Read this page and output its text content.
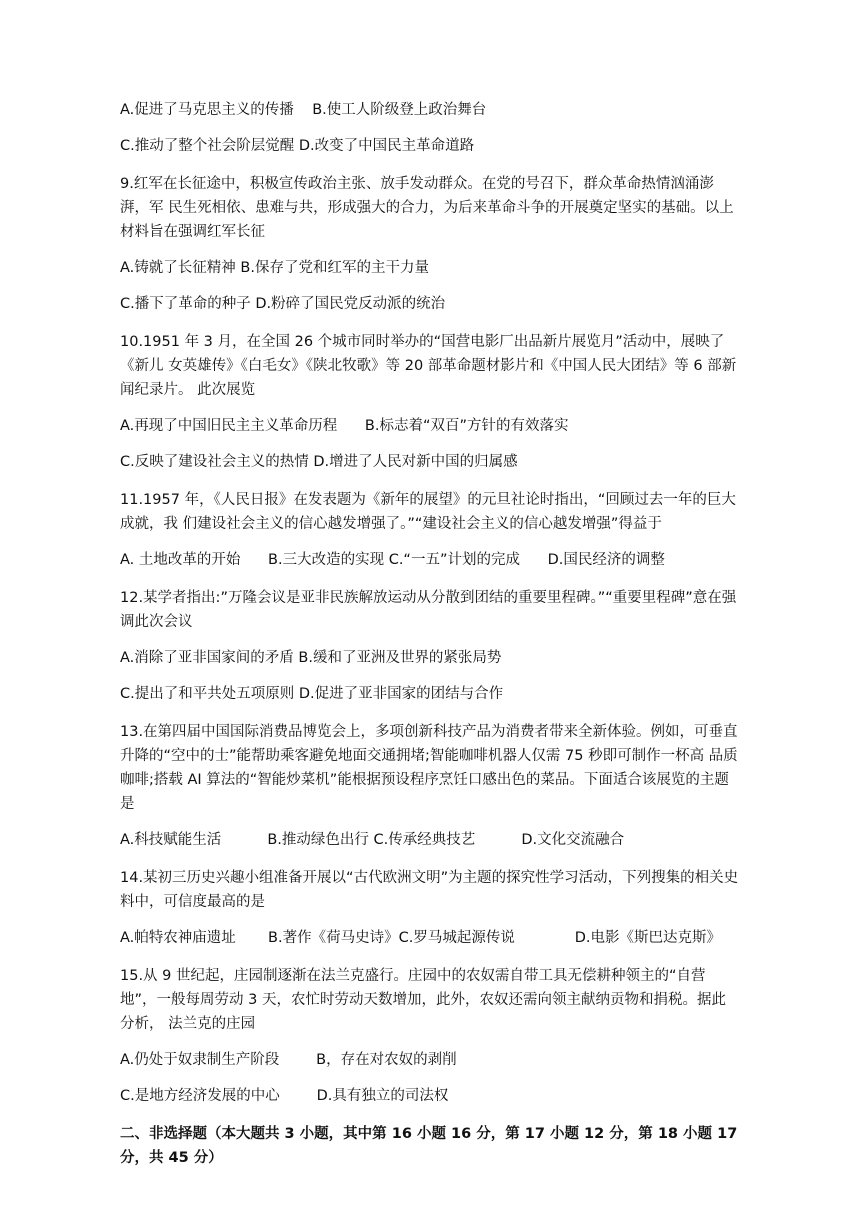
A.促进了马克思主义的传播    B.使工人阶级登上政治舞台

C.推动了整个社会阶层觉醒 D.改变了中国民主革命道路

9.红军在长征途中，积极宣传政治主张、放手发动群众。在党的号召下，群众革命热情汹涌澎湃，军 民生死相依、患难与共，形成强大的合力，为后来革命斗争的开展奠定坚实的基础。以上材料旨在强调红军长征

A.铸就了长征精神 B.保存了党和红军的主干力量

C.播下了革命的种子 D.粉碎了国民党反动派的统治

10.1951 年 3 月，在全国 26 个城市同时举办的“国营电影厂出品新片展览月”活动中，展映了《新儿 女英雄传》《白毛女》《陕北牧歌》等 20 部革命题材影片和《中国人民大团结》等 6 部新闻纪录片。 此次展览

A.再现了中国旧民主主义革命历程      B.标志着“双百”方针的有效落实

C.反映了建设社会主义的热情 D.增进了人民对新中国的归属感

11.1957 年，《人民日报》在发表题为《新年的展望》的元旦社论时指出，“回顾过去一年的巨大成就，我 们建设社会主义的信心越发增强了。”“建设社会主义的信心越发增强”得益于

A. 土地改革的开始      B.三大改造的实现 C.“一五”计划的完成      D.国民经济的调整

12.某学者指出:”万隆会议是亚非民族解放运动从分散到团结的重要里程碑。”“重要里程碑”意在强调此次会议

A.消除了亚非国家间的矛盾 B.缓和了亚洲及世界的紧张局势

C.提出了和平共处五项原则 D.促进了亚非国家的团结与合作

13.在第四届中国国际消费品博览会上，多项创新科技产品为消费者带来全新体验。例如，可垂直 升降的“空中的士”能帮助乘客避免地面交通拥堵;智能咖啡机器人仅需 75 秒即可制作一杯高 品质咖啡;搭载 AI 算法的“智能炒菜机”能根据预设程序烹饪口感出色的菜品。下面适合该展览的主题是

A.科技赋能生活          B.推动绿色出行 C.传承经典技艺          D.文化交流融合

14.某初三历史兴趣小组准备开展以“古代欧洲文明”为主题的探究性学习活动，下列搜集的相关史 料中，可信度最高的是

A.帕特农神庙遗址       B.著作《荷马史诗》C.罗马城起源传说             D.电影《斯巴达克斯》

15.从 9 世纪起，庄园制逐渐在法兰克盛行。庄园中的农奴需自带工具无偿耕种领主的“自营地”，一般每周劳动 3 天，农忙时劳动天数增加，此外，农奴还需向领主献纳贡物和捐税。据此分析， 法兰克的庄园

A.仍处于奴隶制生产阶段        B，存在对农奴的剥削

C.是地方经济发展的中心        D.具有独立的司法权

二、非选择题（本大题共 3 小题，其中第 16 小题 16 分，第 17 小题 12 分，第 18 小题 17 分，共 45 分）
